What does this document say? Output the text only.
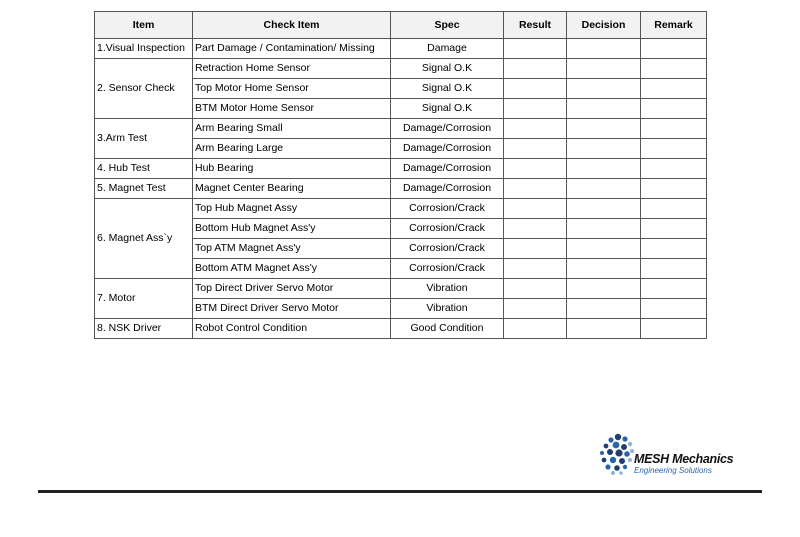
Item	Check Item	Spec	Result	Decision	Remark
1.Visual Inspection	Part Damage / Contamination/ Missing	Damage			
2. Sensor Check	Retraction Home Sensor	Signal O.K			
	Top Motor Home Sensor	Signal O.K			
	BTM Motor Home Sensor	Signal O.K			
3.Arm Test	Arm Bearing Small	Damage/Corrosion			
	Arm Bearing Large	Damage/Corrosion			
4. Hub Test	Hub Bearing	Damage/Corrosion			
5. Magnet Test	Magnet Center Bearing	Damage/Corrosion			
6. Magnet Ass`y	Top Hub Magnet Assy	Corrosion/Crack			
	Bottom Hub Magnet Ass'y	Corrosion/Crack			
	Top ATM Magnet Ass'y	Corrosion/Crack			
	Bottom ATM Magnet Ass'y	Corrosion/Crack			
7. Motor	Top Direct Driver Servo Motor	Vibration			
	BTM Direct Driver Servo Motor	Vibration			
8. NSK Driver	Robot Control Condition	Good Condition			
MESH Mechanics
Engineering Solutions
